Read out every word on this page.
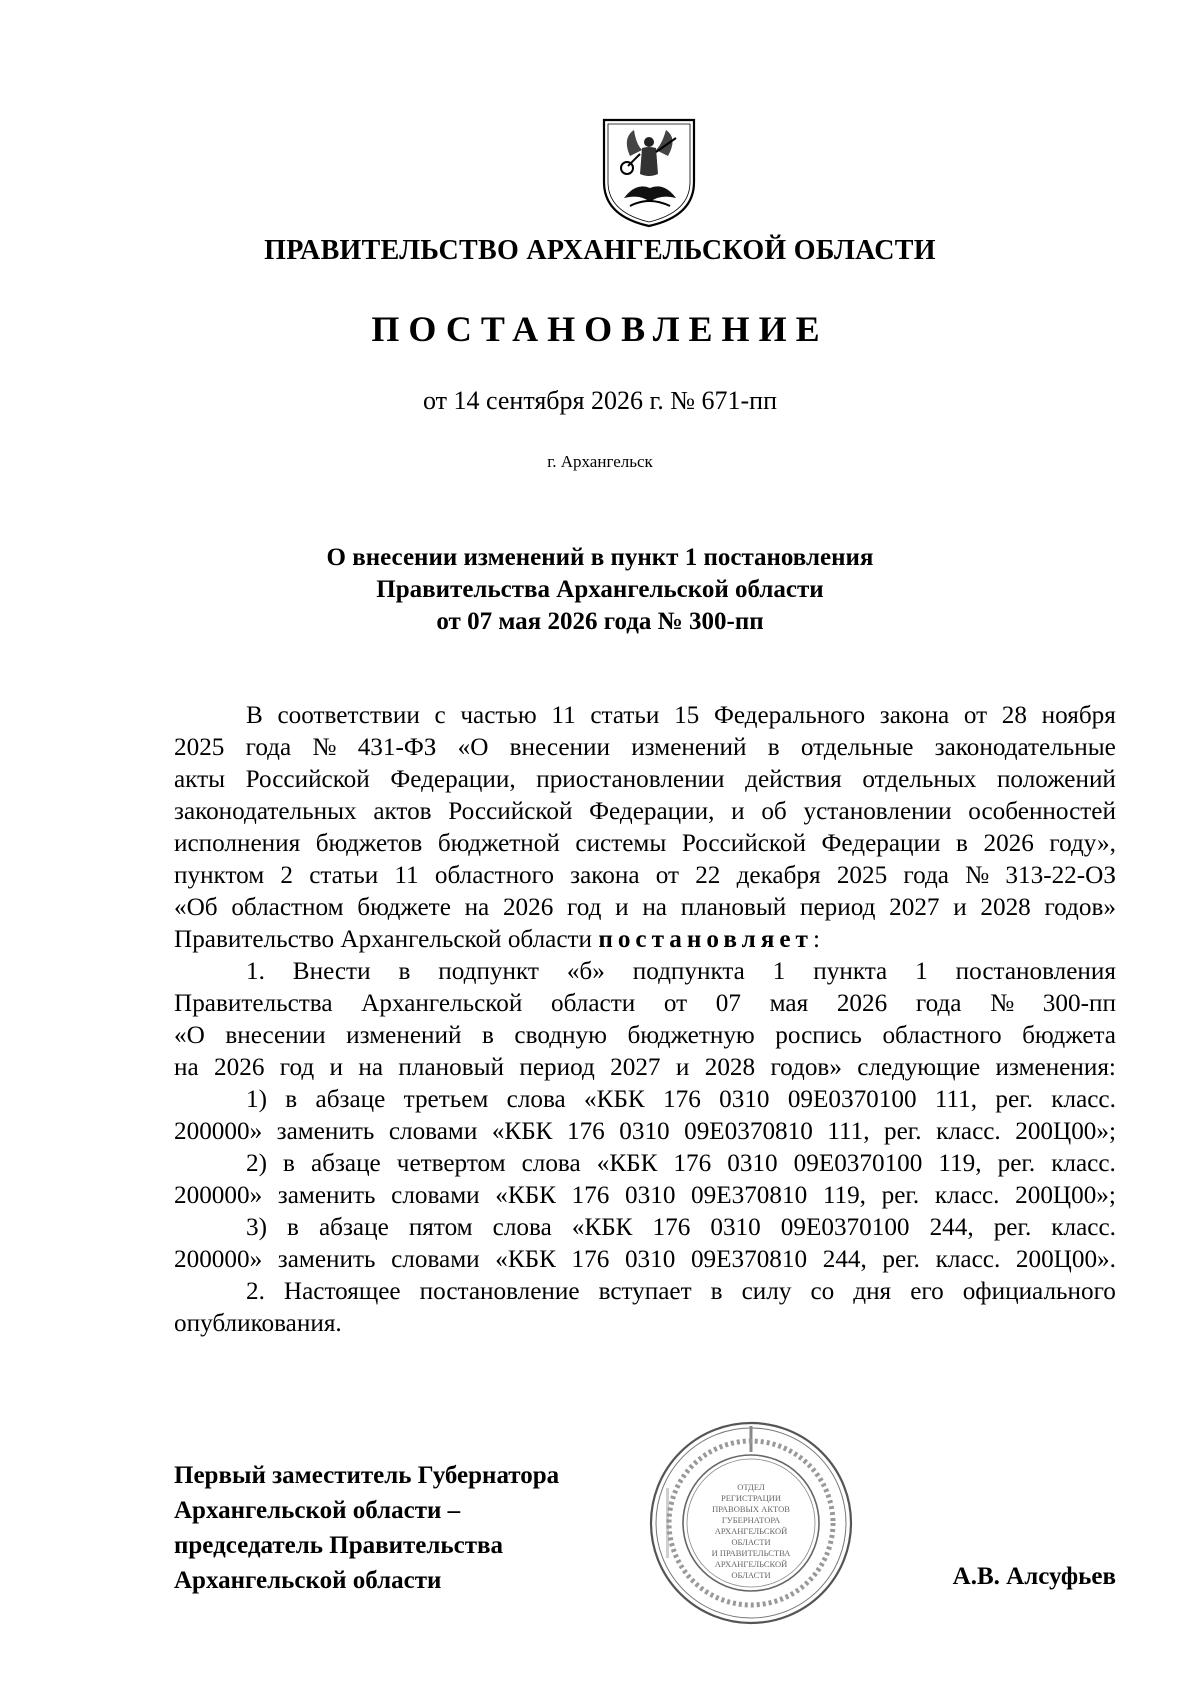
ПРАВИТЕЛЬСТВО АРХАНГЕЛЬСКОЙ ОБЛАСТИ
ПОСТАНОВЛЕНИЕ
от 14 сентября 2026 г. № 671-пп
г. Архангельск
О внесении изменений в пункт 1 постановления
Правительства Архангельской области
от 07 мая 2026 года № 300-пп
В соответствии с частью 11 статьи 15 Федерального закона от 28 ноября
2025 года № 431-ФЗ «О внесении изменений в отдельные законодательные
акты Российской Федерации, приостановлении действия отдельных положений
законодательных актов Российской Федерации, и об установлении особенностей
исполнения бюджетов бюджетной системы Российской Федерации в 2026 году»,
пунктом 2 статьи 11 областного закона от 22 декабря 2025 года № 313-22-ОЗ
«Об областном бюджете на 2026 год и на плановый период 2027 и 2028 годов»
Правительство Архангельской области постановляет :
1. Внести в подпункт «б» подпункта 1 пункта 1 постановления
Правительства Архангельской области от 07 мая 2026 года № 300-пп
«О внесении изменений в сводную бюджетную роспись областного бюджета
на 2026 год и на плановый период 2027 и 2028 годов» следующие изменения:
1) в абзаце третьем слова «КБК 176 0310 09Е0370100 111, рег. класс.
200000» заменить словами «КБК 176 0310 09Е0370810 111, рег. класс. 200Ц00»;
2) в абзаце четвертом слова «КБК 176 0310 09Е0370100 119, рег. класс.
200000» заменить словами «КБК 176 0310 09Е370810 119, рег. класс. 200Ц00»;
3) в абзаце пятом слова «КБК 176 0310 09Е0370100 244, рег. класс.
200000» заменить словами «КБК 176 0310 09Е370810 244, рег. класс. 200Ц00».
2. Настоящее постановление вступает в силу со дня его официального
опубликования.
Первый заместитель Губернатора
Архангельской области –
председатель Правительства
Архангельской области
ОТДЕЛ
РЕГИСТРАЦИИ
ПРАВОВЫХ АКТОВ
ГУБЕРНАТОРА
АРХАНГЕЛЬСКОЙ
ОБЛАСТИ
И ПРАВИТЕЛЬСТВА
АРХАНГЕЛЬСКОЙ
ОБЛАСТИ	А.В. Алсуфьев
